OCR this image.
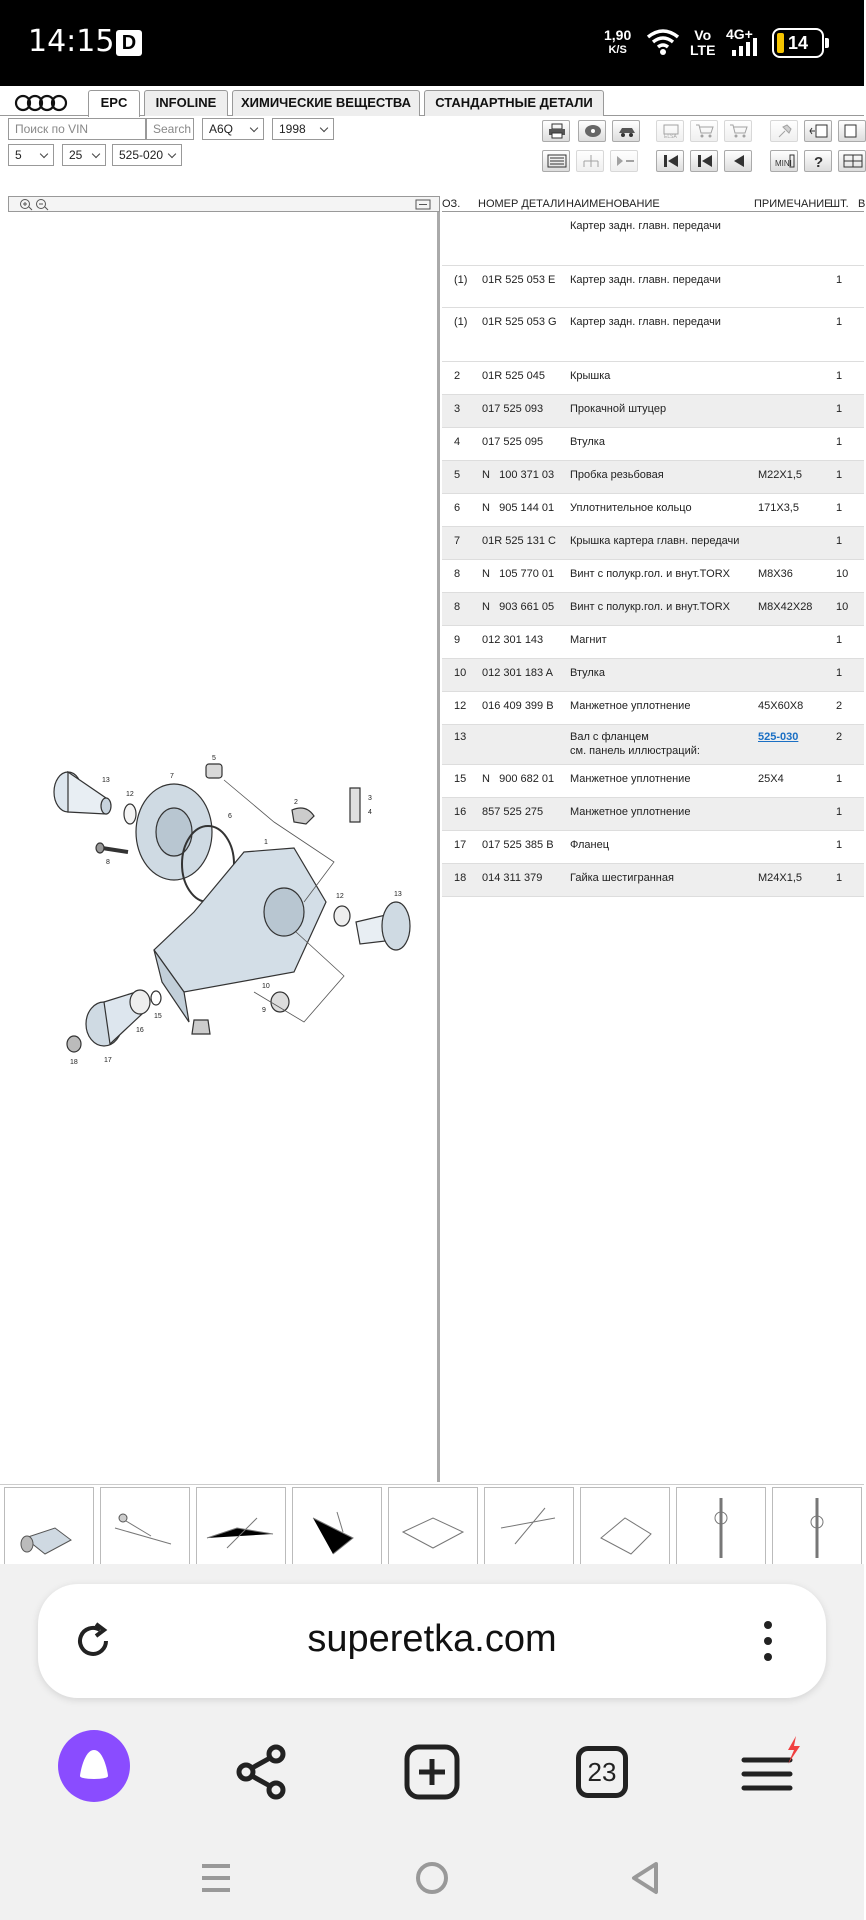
14:15 D	1,90
K/S
Vo
LTE
4G+	14
EPC	INFOLINE	ХИМИЧЕСКИЕ ВЕЩЕСТВА	СТАНДАРТНЫЕ ДЕТАЛИ
Поиск по VIN	Search	A6Q	1998
5	25	525-020
ELSA
MINI ?
5
7
13
12
8
6
1
2
3
4
12	13
10
9
15
16
17
18
ОЗ. НОМЕР ДЕТАЛИ НАИМЕНОВАНИЕ	ПРИМЕЧАНИЕ
ШТ. В
Картер задн. главн. передачи
(1) 01R 525 053 E Картер задн. главн. передачи	1
(1) 01R 525 053 G Картер задн. главн. передачи	1
2 01R 525 045 Крышка	1
3 017 525 093 Прокачной штуцер	1
4 017 525 095 Втулка	1
5 N   100 371 03 Пробка резьбовая	M22X1,5	1
6 N   905 144 01 Уплотнительное кольцо	171X3,5	1
7 01R 525 131 C Крышка картера главн. передачи	1
8 N   105 770 01 Винт с полукр.гол. и внут.TORX	M8X36	10
8 N   903 661 05 Винт с полукр.гол. и внут.TORX	M8X42X28 10
9 012 301 143 Магнит	1
10 012 301 183 A Втулка	1
12 016 409 399 B Манжетное уплотнение	45X60X8	2
13	Вал с фланцем
см. панель иллюстраций:
525-030	2
15 N   900 682 01 Манжетное уплотнение	25X4	1
16 857 525 275 Манжетное уплотнение	1
17 017 525 385 B Фланец	1
18 014 311 379	Гайка шестигранная	M24X1,5	1
superetka.com
23
